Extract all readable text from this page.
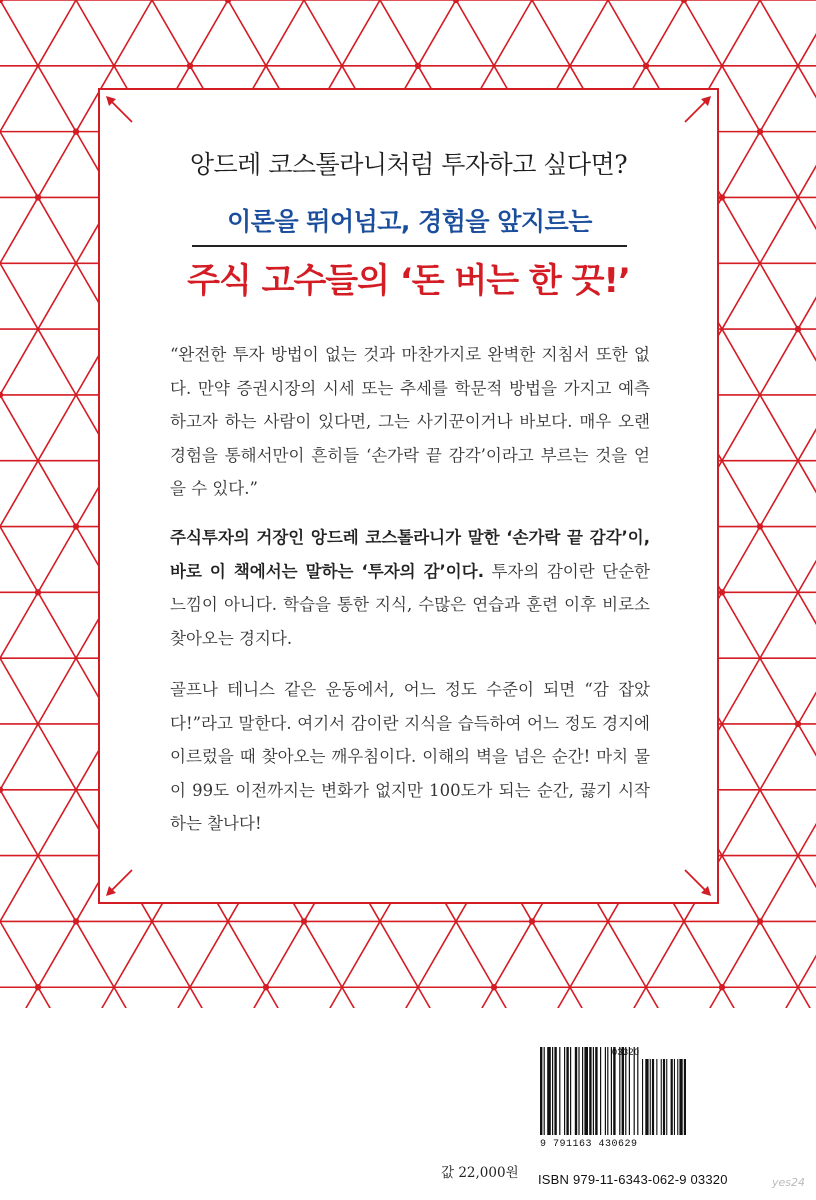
앙드레 코스톨라니처럼 투자하고 싶다면?
이론을 뛰어넘고, 경험을 앞지르는
주식 고수들의 ‘돈 버는 한 끗!’

“완전한 투자 방법이 없는 것과 마찬가지로 완벽한 지침서 또한 없다. 만약 증권시장의 시세 또는 추세를 학문적 방법을 가지고 예측하고자 하는 사람이 있다면, 그는 사기꾼이거나 바보다. 매우 오랜 경험을 통해서만이 흔히들 ‘손가락 끝 감각’이라고 부르는 것을 얻을 수 있다.”

주식투자의 거장인 앙드레 코스톨라니가 말한 ‘손가락 끝 감각’이, 바로 이 책에서는 말하는 ‘투자의 감’이다. 투자의 감이란 단순한 느낌이 아니다. 학습을 통한 지식, 수많은 연습과 훈련 이후 비로소 찾아오는 경지다.

골프나 테니스 같은 운동에서, 어느 정도 수준이 되면 “감 잡았다!”라고 말한다. 여기서 감이란 지식을 습득하여 어느 정도 경지에 이르렀을 때 찾아오는 깨우침이다. 이해의 벽을 넘은 순간! 마치 물이 99도 이전까지는 변화가 없지만 100도가 되는 순간, 끓기 시작하는 찰나다!

값 22,000원
03320
9 791163 430629
ISBN 979-11-6343-062-9 03320	yes24
